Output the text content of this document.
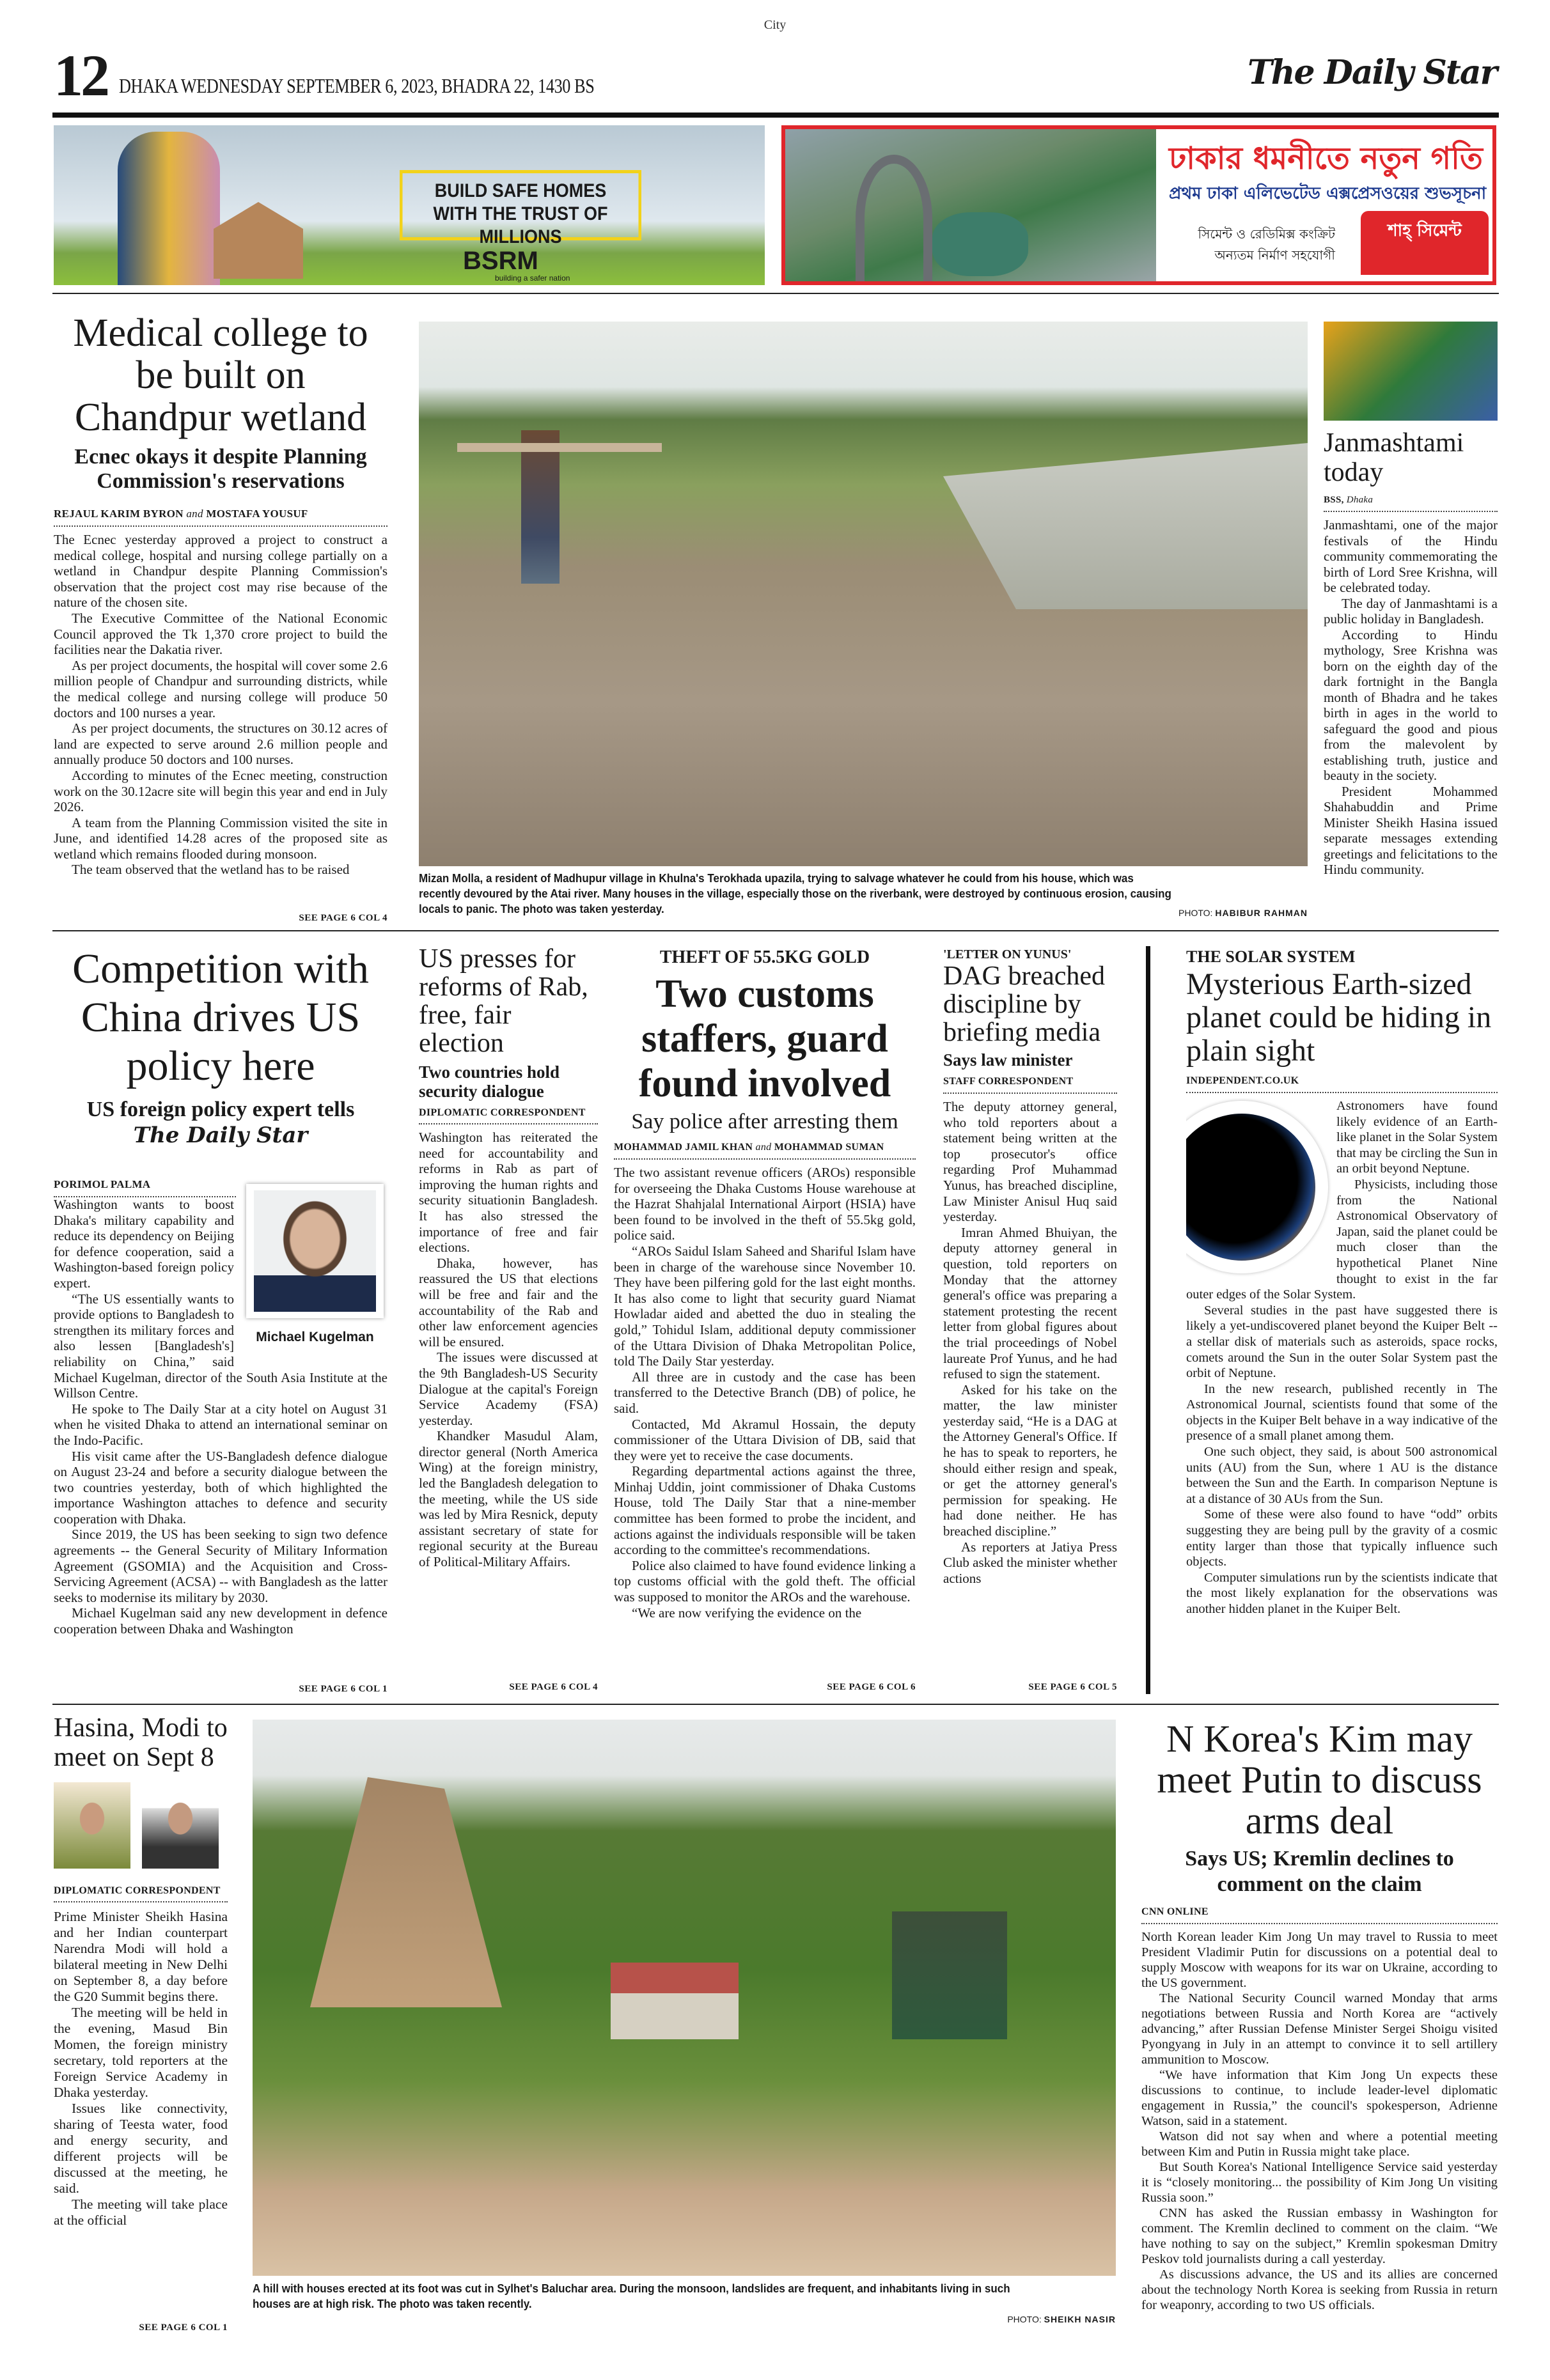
City
12 DHAKA WEDNESDAY SEPTEMBER 6, 2023, BHADRA 22, 1430 BS	The Daily Star
BUILD SAFE HOMES
WITH THE TRUST OF MILLIONS
BSRM
building a safer nation
ঢাকার ধমনীতে নতুন গতি
প্রথম ঢাকা এলিভেটেড এক্সপ্রেসওয়ের শুভসূচনা
সিমেন্ট ও রেডিমিক্স কংক্রিট অন্যতম নির্মাণ সহযোগী
শাহ্ সিমেন্ট
Medical college to be built on Chandpur wetland
Ecnec okays it despite Planning Commission's reservations
REJAUL KARIM BYRON and MOSTAFA YOUSUF

The Ecnec yesterday approved a project to construct a medical college, hospital and nursing college partially on a wetland in Chandpur despite Planning Commission's observation that the project cost may rise because of the nature of the chosen site.

The Executive Committee of the National Economic Council approved the Tk 1,370 crore project to build the facilities near the Dakatia river.

As per project documents, the hospital will cover some 2.6 million people of Chandpur and surrounding districts, while the medical college and nursing college will produce 50 doctors and 100 nurses a year.

As per project documents, the structures on 30.12 acres of land are expected to serve around 2.6 million people and annually produce 50 doctors and 100 nurses.

According to minutes of the Ecnec meeting, construction work on the 30.12acre site will begin this year and end in July 2026.

A team from the Planning Commission visited the site in June, and identified 14.28 acres of the proposed site as wetland which remains flooded during monsoon.

The team observed that the wetland has to be raised

SEE PAGE 6 COL 4
Mizan Molla, a resident of Madhupur village in Khulna's Terokhada upazila, trying to salvage whatever he could from his house, which was recently devoured by the Atai river. Many houses in the village, especially those on the riverbank, were destroyed by continuous erosion, causing locals to panic. The photo was taken yesterday.	PHOTO: HABIBUR RAHMAN
Janmashtami today
BSS, Dhaka

Janmashtami, one of the major festivals of the Hindu community commemorating the birth of Lord Sree Krishna, will be celebrated today.

The day of Janmashtami is a public holiday in Bangladesh.

According to Hindu mythology, Sree Krishna was born on the eighth day of the dark fortnight in the Bangla month of Bhadra and he takes birth in ages in the world to safeguard the good and pious from the malevolent by establishing truth, justice and beauty in the society.

President Mohammed Shahabuddin and Prime Minister Sheikh Hasina issued separate messages extending greetings and felicitations to the Hindu community.

Competition with China drives US policy here
US foreign policy expert tells
The Daily Star
PORIMOL PALMA
Michael Kugelman

Washington wants to boost Dhaka's military capability and reduce its dependency on Beijing for defence cooperation, said a Washington-based foreign policy expert.

“The US essentially wants to provide options to Bangladesh to strengthen its military forces and also lessen [Bangladesh's] reliability on China,” said Michael Kugelman, director of the South Asia Institute at the Willson Centre.

He spoke to The Daily Star at a city hotel on August 31 when he visited Dhaka to attend an international seminar on the Indo-Pacific.

His visit came after the US-Bangladesh defence dialogue on August 23-24 and before a security dialogue between the two countries yesterday, both of which highlighted the importance Washington attaches to defence and security cooperation with Dhaka.

Since 2019, the US has been seeking to sign two defence agreements -- the General Security of Military Information Agreement (GSOMIA) and the Acquisition and Cross-Servicing Agreement (ACSA) -- with Bangladesh as the latter seeks to modernise its military by 2030.

Michael Kugelman said any new development in defence cooperation between Dhaka and Washington

SEE PAGE 6 COL 1
US presses for reforms of Rab, free, fair election
Two countries hold security dialogue
DIPLOMATIC CORRESPONDENT

Washington has reiterated the need for accountability and reforms in Rab as part of improving the human rights and security situationin Bangladesh. It has also stressed the importance of free and fair elections.

Dhaka, however, has reassured the US that elections will be free and fair and the accountability of the Rab and other law enforcement agencies will be ensured.

The issues were discussed at the 9th Bangladesh-US Security Dialogue at the capital's Foreign Service Academy (FSA) yesterday.

Khandker Masudul Alam, director general (North America Wing) at the foreign ministry, led the Bangladesh delegation to the meeting, while the US side was led by Mira Resnick, deputy assistant secretary of state for regional security at the Bureau of Political-Military Affairs.

SEE PAGE 6 COL 4
THEFT OF 55.5KG GOLD
Two customs staffers, guard found involved
Say police after arresting them
MOHAMMAD JAMIL KHAN and MOHAMMAD SUMAN

The two assistant revenue officers (AROs) responsible for overseeing the Dhaka Customs House warehouse at the Hazrat Shahjalal International Airport (HSIA) have been found to be involved in the theft of 55.5kg gold, police said.

“AROs Saidul Islam Saheed and Shariful Islam have been in charge of the warehouse since November 10. They have been pilfering gold for the last eight months. It has also come to light that security guard Niamat Howladar aided and abetted the duo in stealing the gold,” Tohidul Islam, additional deputy commissioner of the Uttara Division of Dhaka Metropolitan Police, told The Daily Star yesterday.

All three are in custody and the case has been transferred to the Detective Branch (DB) of police, he said.

Contacted, Md Akramul Hossain, the deputy commissioner of the Uttara Division of DB, said that they were yet to receive the case documents.

Regarding departmental actions against the three, Minhaj Uddin, joint commissioner of Dhaka Customs House, told The Daily Star that a nine-member committee has been formed to probe the incident, and actions against the individuals responsible will be taken according to the committee's recommendations.

Police also claimed to have found evidence linking a top customs official with the gold theft. The official was supposed to monitor the AROs and the warehouse.

“We are now verifying the evidence on the

SEE PAGE 6 COL 6
'LETTER ON YUNUS'
DAG breached discipline by briefing media
Says law minister
STAFF CORRESPONDENT

The deputy attorney general, who told reporters about a statement being written at the top prosecutor's office regarding Prof Muhammad Yunus, has breached discipline, Law Minister Anisul Huq said yesterday.

Imran Ahmed Bhuiyan, the deputy attorney general in question, told reporters on Monday that the attorney general's office was preparing a statement protesting the recent letter from global figures about the trial proceedings of Nobel laureate Prof Yunus, and he had refused to sign the statement.

Asked for his take on the matter, the law minister yesterday said, “He is a DAG at the Attorney General's Office. If he has to speak to reporters, he should either resign and speak, or get the attorney general's permission for speaking. He had done neither. He has breached discipline.”

As reporters at Jatiya Press Club asked the minister whether actions

SEE PAGE 6 COL 5
THE SOLAR SYSTEM
Mysterious Earth-sized planet could be hiding in plain sight
INDEPENDENT.CO.UK

Astronomers have found likely evidence of an Earth-like planet in the Solar System that may be circling the Sun in an orbit beyond Neptune.

Physicists, including those from the National Astronomical Observatory of Japan, said the planet could be much closer than the hypothetical Planet Nine thought to exist in the far outer edges of the Solar System.

Several studies in the past have suggested there is likely a yet-undiscovered planet beyond the Kuiper Belt -- a stellar disk of materials such as asteroids, space rocks, comets around the Sun in the outer Solar System past the orbit of Neptune.

In the new research, published recently in The Astronomical Journal, scientists found that some of the objects in the Kuiper Belt behave in a way indicative of the presence of a small planet among them.

One such object, they said, is about 500 astronomical units (AU) from the Sun, where 1 AU is the distance between the Sun and the Earth. In comparison Neptune is at a distance of 30 AUs from the Sun.

Some of these were also found to have “odd” orbits suggesting they are being pull by the gravity of a cosmic entity larger than those that typically influence such objects.

Computer simulations run by the scientists indicate that the most likely explanation for the observations was another hidden planet in the Kuiper Belt.

Hasina, Modi to meet on Sept 8
DIPLOMATIC CORRESPONDENT

Prime Minister Sheikh Hasina and her Indian counterpart Narendra Modi will hold a bilateral meeting in New Delhi on September 8, a day before the G20 Summit begins there.

The meeting will be held in the evening, Masud Bin Momen, the foreign ministry secretary, told reporters at the Foreign Service Academy in Dhaka yesterday.

Issues like connectivity, sharing of Teesta water, food and energy security, and different projects will be discussed at the meeting, he said.

The meeting will take place at the official

SEE PAGE 6 COL 1
A hill with houses erected at its foot was cut in Sylhet's Baluchar area. During the monsoon, landslides are frequent, and inhabitants living in such houses are at high risk. The photo was taken recently.
PHOTO: SHEIKH NASIR
N Korea's Kim may meet Putin to discuss arms deal
Says US; Kremlin declines to comment on the claim
CNN ONLINE

North Korean leader Kim Jong Un may travel to Russia to meet President Vladimir Putin for discussions on a potential deal to supply Moscow with weapons for its war on Ukraine, according to the US government.

The National Security Council warned Monday that arms negotiations between Russia and North Korea are “actively advancing,” after Russian Defense Minister Sergei Shoigu visited Pyongyang in July in an attempt to convince it to sell artillery ammunition to Moscow.

“We have information that Kim Jong Un expects these discussions to continue, to include leader-level diplomatic engagement in Russia,” the council's spokesperson, Adrienne Watson, said in a statement.

Watson did not say when and where a potential meeting between Kim and Putin in Russia might take place.

But South Korea's National Intelligence Service said yesterday it is “closely monitoring... the possibility of Kim Jong Un visiting Russia soon.”

CNN has asked the Russian embassy in Washington for comment. The Kremlin declined to comment on the claim. “We have nothing to say on the subject,” Kremlin spokesman Dmitry Peskov told journalists during a call yesterday.

As discussions advance, the US and its allies are concerned about the technology North Korea is seeking from Russia in return for weaponry, according to two US officials.
